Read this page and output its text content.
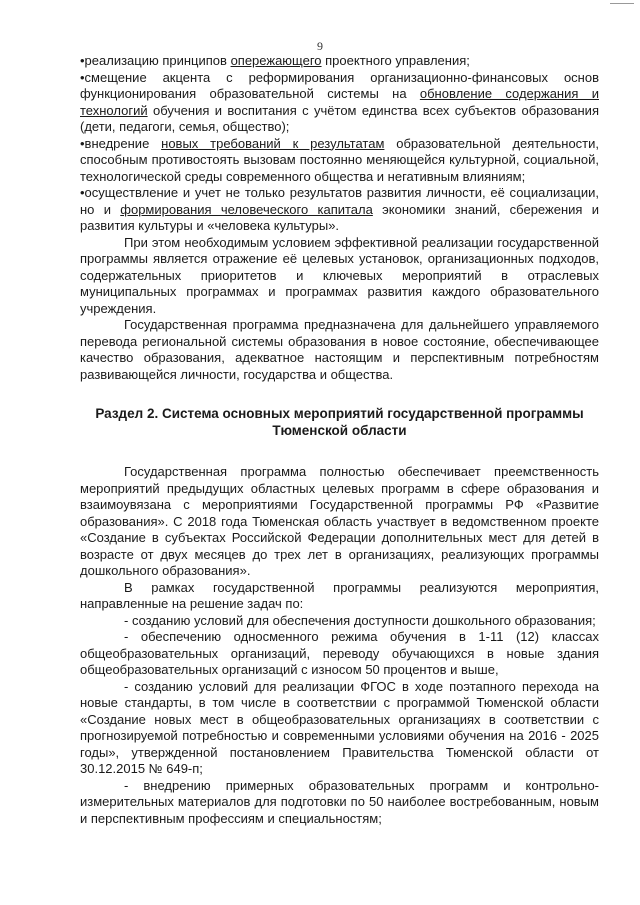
9

•реализацию принципов опережающего проектного управления;

•смещение акцента с реформирования организационно-финансовых основ функционирования образовательной системы на обновление содержания и технологий обучения и воспитания с учётом единства всех субъектов образования (дети, педагоги, семья, общество);

•внедрение новых требований к результатам образовательной деятельности, способным противостоять вызовам постоянно меняющейся культурной, социальной, технологической среды современного общества и негативным влияниям;

•осуществление и учет не только результатов развития личности, её социализации, но и формирования человеческого капитала экономики знаний, сбережения и развития культуры и «человека культуры».

При этом необходимым условием эффективной реализации государственной программы является отражение её целевых установок, организационных подходов, содержательных приоритетов и ключевых мероприятий в отраслевых муниципальных программах и программах развития каждого образовательного учреждения.

Государственная программа предназначена для дальнейшего управляемого перевода региональной системы образования в новое состояние, обеспечивающее качество образования, адекватное настоящим и перспективным потребностям развивающейся личности, государства и общества.

Раздел 2. Система основных мероприятий государственной программы Тюменской области

Государственная программа полностью обеспечивает преемственность мероприятий предыдущих областных целевых программ в сфере образования и взаимоувязана с мероприятиями Государственной программы РФ «Развитие образования». С 2018 года Тюменская область участвует в ведомственном проекте «Создание в субъектах Российской Федерации дополнительных мест для детей в возрасте от двух месяцев до трех лет в организациях, реализующих программы дошкольного образования».

В рамках государственной программы реализуются мероприятия, направленные на решение задач по:

- созданию условий для обеспечения доступности дошкольного образования;

- обеспечению односменного режима обучения в 1-11 (12) классах общеобразовательных организаций, переводу обучающихся в новые здания общеобразовательных организаций с износом 50 процентов и выше,

- созданию условий для реализации ФГОС в ходе поэтапного перехода на новые стандарты, в том числе в соответствии с программой Тюменской области «Создание новых мест в общеобразовательных организациях в соответствии с прогнозируемой потребностью и современными условиями обучения на 2016 - 2025 годы», утвержденной постановлением Правительства Тюменской области от 30.12.2015 № 649-п;

- внедрению примерных образовательных программ и контрольно-измерительных материалов для подготовки по 50 наиболее востребованным, новым и перспективным профессиям и специальностям;
